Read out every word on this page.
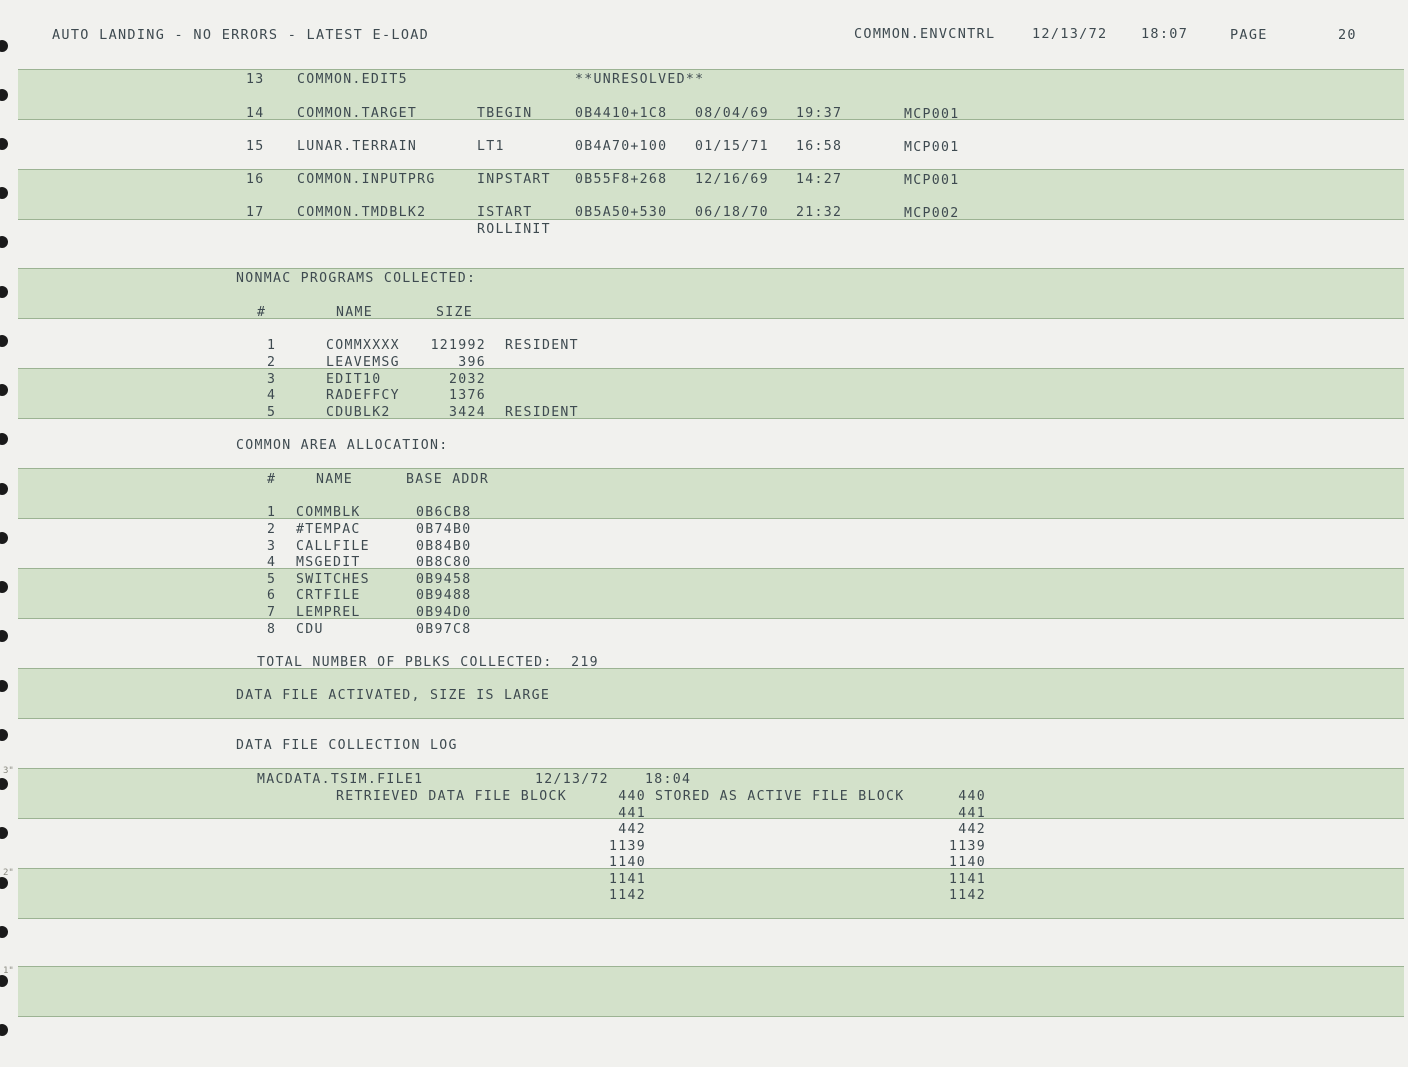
3"
2"
1"
AUTO LANDING - NO ERRORS - LATEST E-LOAD	COMMON.ENVCNTRL	12/13/72 18:07	PAGE	20
13 COMMON.EDIT5	**UNRESOLVED**
14 COMMON.TARGET	TBEGIN	0B4410+1C8 08/04/69 19:37	MCP001
15 LUNAR.TERRAIN	LT1	0B4A70+100 01/15/71 16:58	MCP001
16 COMMON.INPUTPRG	INPSTART 0B55F8+268 12/16/69 14:27	MCP001
17 COMMON.TMDBLK2	ISTART	0B5A50+530 06/18/70 21:32	MCP002
ROLLINIT
NONMAC PROGRAMS COLLECTED:
#	NAME	SIZE
1	COMMXXXX	121992 RESIDENT
2	LEAVEMSG	396
3	EDIT10	2032
4	RADEFFCY	1376
5	CDUBLK2	3424 RESIDENT
COMMON AREA ALLOCATION:
#	NAME	BASE ADDR
1 COMMBLK	0B6CB8
2 #TEMPAC	0B74B0
3 CALLFILE	0B84B0
4 MSGEDIT	0B8C80
5 SWITCHES	0B9458
6 CRTFILE	0B9488
7 LEMPREL	0B94D0
8 CDU	0B97C8
TOTAL NUMBER OF PBLKS COLLECTED:  219
DATA FILE ACTIVATED, SIZE IS LARGE
DATA FILE COLLECTION LOG
MACDATA.TSIM.FILE1	12/13/72	18:04
RETRIEVED DATA FILE BLOCK	STORED AS ACTIVE FILE BLOCK
440	440
441	441
442	442
1139	1139
1140	1140
1141	1141
1142	1142
